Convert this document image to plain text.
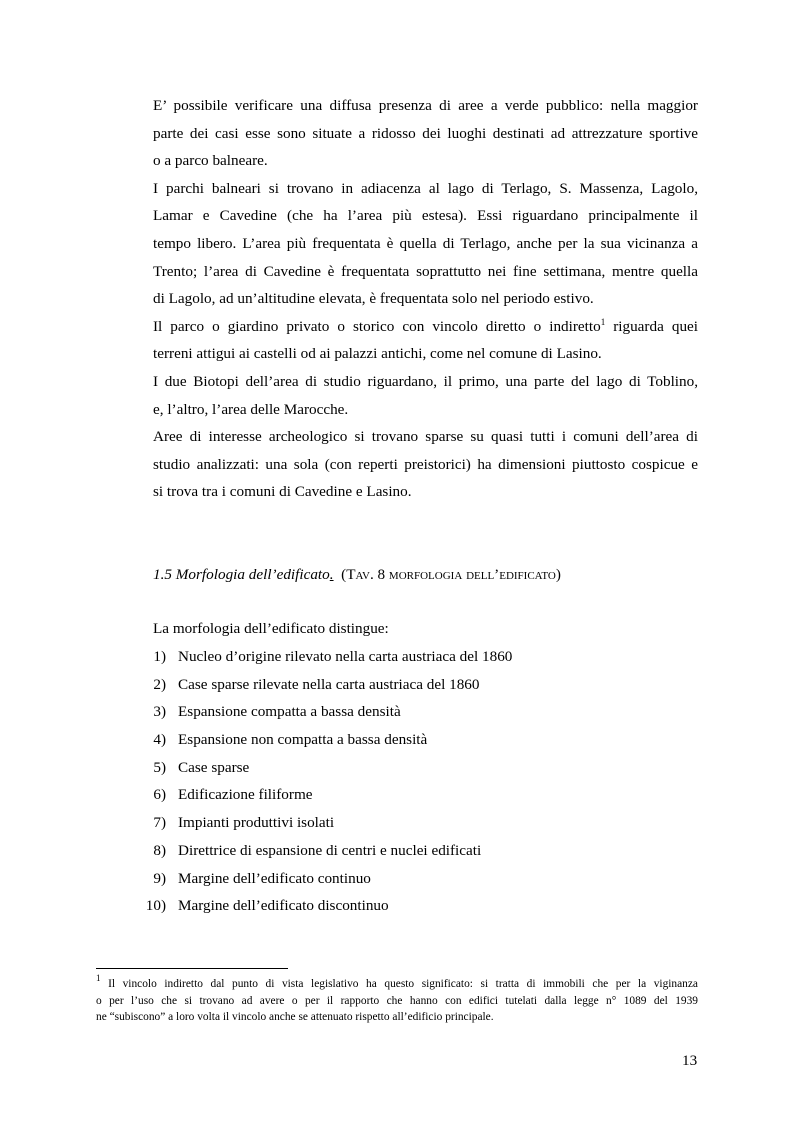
E’ possibile verificare una diffusa presenza di aree a verde pubblico: nella maggior
parte dei casi esse sono situate a ridosso dei luoghi destinati ad attrezzature sportive
o a parco balneare.
I parchi balneari si trovano in adiacenza al lago di Terlago, S. Massenza, Lagolo,
Lamar e Cavedine (che ha l’area più estesa). Essi riguardano principalmente il
tempo libero. L’area più frequentata è quella di Terlago, anche per la sua vicinanza a
Trento; l’area di Cavedine è frequentata soprattutto nei fine settimana, mentre quella
di Lagolo, ad un’altitudine elevata, è frequentata solo nel periodo estivo.
Il parco o giardino privato o storico con vincolo diretto o indiretto$^1$ riguarda quei
terreni attigui ai castelli od ai palazzi antichi, come nel comune di Lasino.
I due Biotopi dell’area di studio riguardano, il primo, una parte del lago di Toblino,
e, l’altro, l’area delle Marocche.
Aree di interesse archeologico si trovano sparse su quasi tutti i comuni dell’area di
studio analizzati: una sola (con reperti preistorici) ha dimensioni piuttosto cospicue e
si trova tra i comuni di Cavedine e Lasino.
1.5 Morfologia dell’edificato. (Tav. 8 morfologia dell’edificato)
La morfologia dell’edificato distingue:
1) Nucleo d’origine rilevato nella carta austriaca del 1860
2) Case sparse rilevate nella carta austriaca del 1860
3) Espansione compatta a bassa densità
4) Espansione non compatta a bassa densità
5) Case sparse
6) Edificazione filiforme
7) Impianti produttivi isolati
8) Direttrice di espansione di centri e nuclei edificati
9) Margine dell’edificato continuo
10) Margine dell’edificato discontinuo
$^1$ Il vincolo indiretto dal punto di vista legislativo ha questo significato: si tratta di immobili che per la viginanza
o per l’uso che si trovano ad avere o per il rapporto che hanno con edifici tutelati dalla legge n° 1089 del 1939
ne “subiscono” a loro volta il vincolo anche se attenuato rispetto all’edificio principale.
13
